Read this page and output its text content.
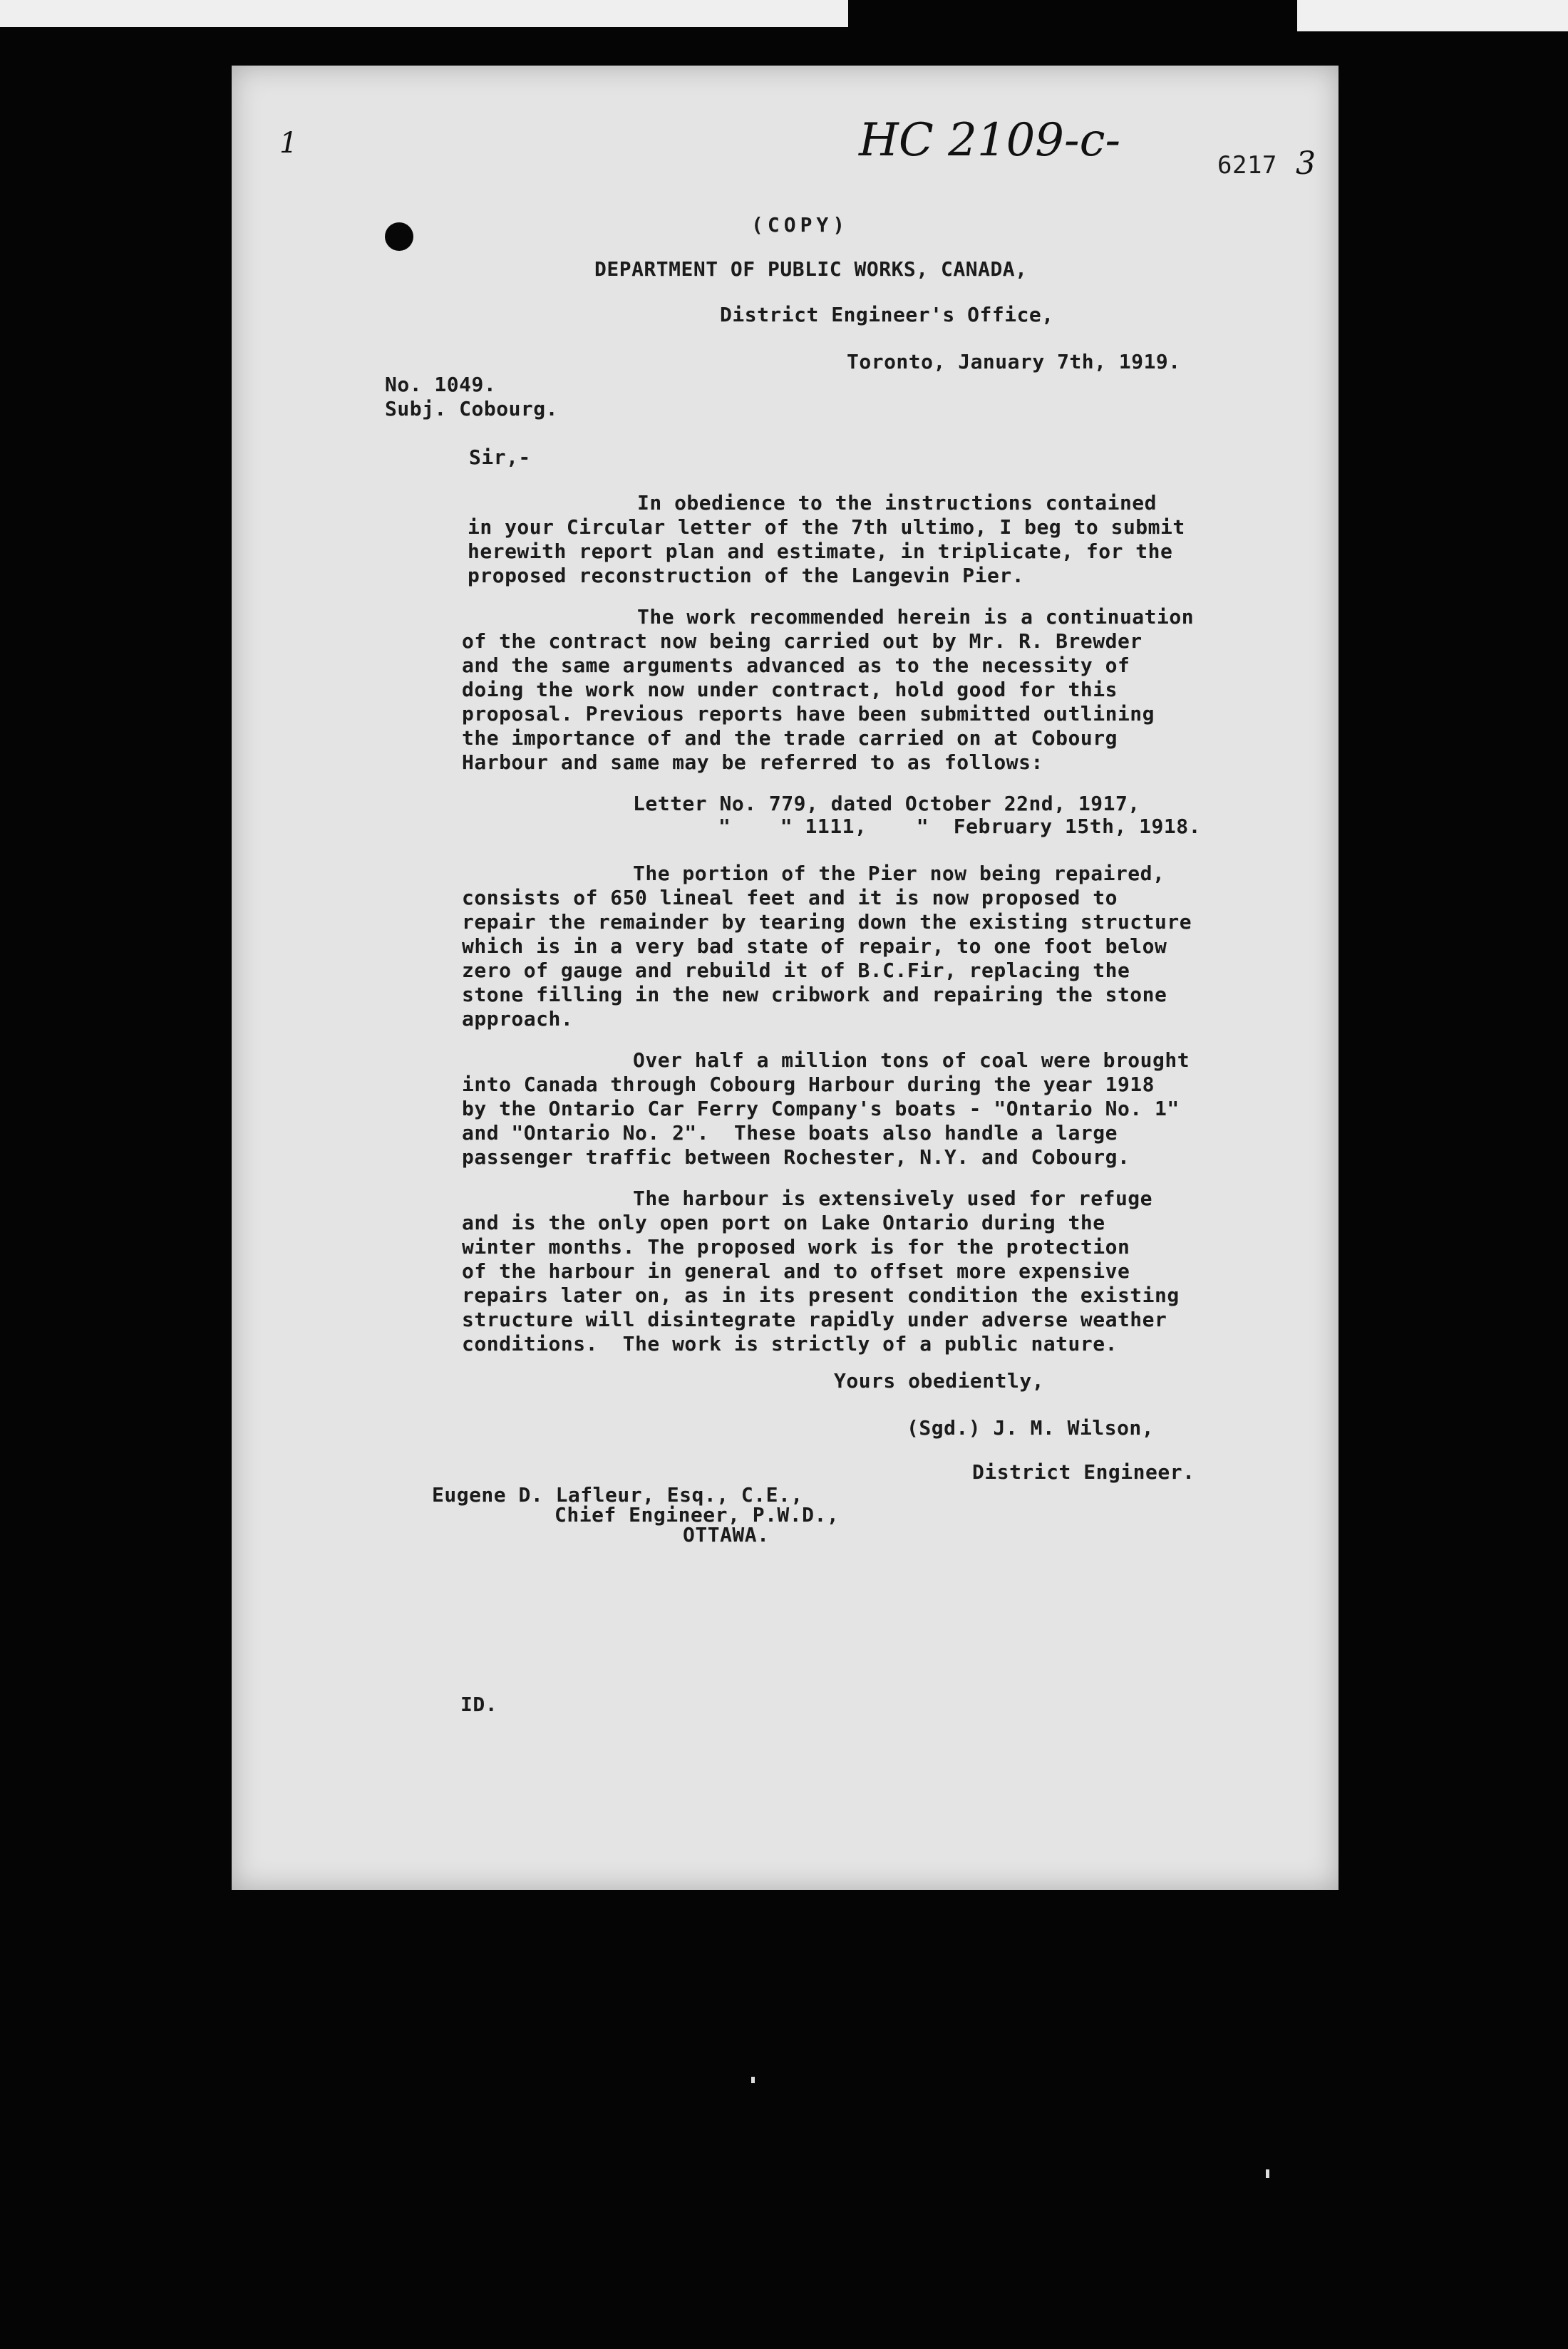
1	HC 2109-c-	6217 3
(COPY)
DEPARTMENT OF PUBLIC WORKS, CANADA,
District Engineer's Office,
Toronto, January 7th, 1919.
No. 1049.
Subj. Cobourg.
Sir,-
In obedience to the instructions contained
in your Circular letter of the 7th ultimo, I beg to submit
herewith report plan and estimate, in triplicate, for the
proposed reconstruction of the Langevin Pier.
The work recommended herein is a continuation
of the contract now being carried out by Mr. R. Brewder
and the same arguments advanced as to the necessity of
doing the work now under contract, hold good for this
proposal. Previous reports have been submitted outlining
the importance of and the trade carried on at Cobourg
Harbour and same may be referred to as follows:
Letter No. 779, dated October 22nd, 1917,
"    " 1111,    "  February 15th, 1918.
The portion of the Pier now being repaired,
consists of 650 lineal feet and it is now proposed to
repair the remainder by tearing down the existing structure
which is in a very bad state of repair, to one foot below
zero of gauge and rebuild it of B.C.Fir, replacing the
stone filling in the new cribwork and repairing the stone
approach.
Over half a million tons of coal were brought
into Canada through Cobourg Harbour during the year 1918
by the Ontario Car Ferry Company's boats - "Ontario No. 1"
and "Ontario No. 2".  These boats also handle a large
passenger traffic between Rochester, N.Y. and Cobourg.
The harbour is extensively used for refuge
and is the only open port on Lake Ontario during the
winter months. The proposed work is for the protection
of the harbour in general and to offset more expensive
repairs later on, as in its present condition the existing
structure will disintegrate rapidly under adverse weather
conditions.  The work is strictly of a public nature.
Yours obediently,
(Sgd.) J. M. Wilson,
District Engineer.
Eugene D. Lafleur, Esq., C.E.,
Chief Engineer, P.W.D.,
OTTAWA.
ID.
